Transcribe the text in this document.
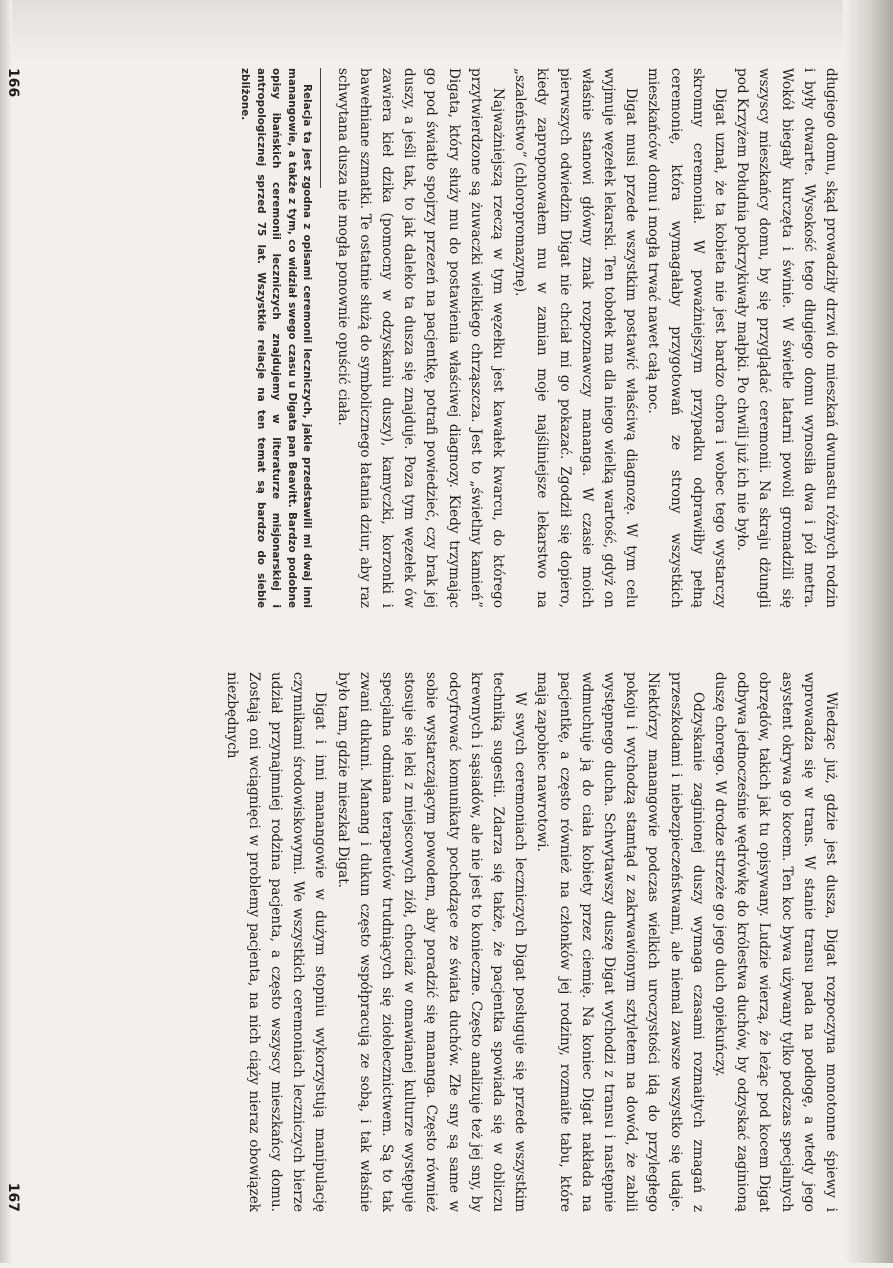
długiego domu, skąd prowadziły drzwi do mieszkań dwunastu różnych rodzin i były otwarte. Wysokość tego długiego domu wynosiła dwa i pół metra. Wokół biegały kurczęta i świnie. W świetle latarni powoli gromadzili się wszyscy mieszkańcy domu, by się przyglądać ceremonii. Na skraju dżungli pod Krzyżem Południa pokrzykiwały małpki. Po chwili już ich nie było.

Digat uznał, że ta kobieta nie jest bardzo chora i wobec tego wystarczy skromny ceremoniał. W poważniejszym przypadku odprawiłby pełną ceremonię, która wymagałaby przygotowań ze strony wszystkich mieszkańców domu i mogła trwać nawet całą noc.

Digat musi przede wszystkim postawić właściwą diagnozę. W tym celu wyjmuje węzełek lekarski. Ten tobołek ma dla niego wielką wartość, gdyż on właśnie stanowi główny znak rozpoznawczy manangа. W czasie moich pierwszych odwiedzin Digat nie chciał mi go pokazać. Zgodził się dopiero, kiedy zaproponowałem mu w zamian moje najśliniejsze lekarstwo na „szaleństwo” (chloropromazynę).

Najważniejszą rzeczą w tym węzełku jest kawałek kwarcu, do którego przytwierdzone są żuwaczki wielkiego chrząszcza. Jest to „świetlny kamień” Digata, który służy mu do postawienia właściwej diagnozy. Kiedy trzymając go pod światło spojrzy przezeń na pacjentkę, potrafi powiedzieć, czy brak jej duszy, a jeśli tak, to jak daleko ta dusza się znajduje. Poza tym węzełek ów zawiera kieł dzika (pomocny w odzyskaniu duszy), kamyczki, korzonki i bawełniane szmatki. Te ostatnie służą do symbolicznego łatania dziur, aby raz schwytana dusza nie mogła ponownie opuścić ciała.

Relacja ta jest zgodna z opisami ceremonii leczniczych, jakie przedstawili mi dwaj inni manangowie, a także z tym, co widział swego czasu u Digata pan Beavitt. Bardzo podobne opisy ibańskich ceremonii leczniczych znajdujemy w literaturze misjonarskiej i antropologicznej sprzed 75 lat. Wszystkie relacje na ten temat są bardzo do siebie zbliżone.

166

Wiedząc już, gdzie jest dusza, Digat rozpoczyna monotonne śpiewy i wprowadza się w trans. W stanie transu pada na podłogę, a wtedy jego asystent okrywa go kocem. Ten koc bywa używany tylko podczas specjalnych obrzędów, takich jak tu opisywany. Ludzie wierzą, że leżąc pod kocem Digat odbywa jednocześnie wędrówkę do królestwa duchów, by odzyskać zaginioną duszę chorego. W drodze strzeże go jego duch opiekuńczy.

Odzyskanie zaginionej duszy wymaga czasami rozmaitych zmagań z przeszkodami i niebezpieczeństwami, ale niemal zawsze wszystko się udaje. Niektórzy manangowie podczas wielkich uroczystości idą do przyległego pokoju i wychodzą stamtąd z zakrwawionym sztyletem na dowód, że zabili występnego ducha. Schwytawszy duszę Digat wychodzi z transu i następnie wdmuchuje ją do ciała kobiety przez ciemię. Na koniec Digat nakłada na pacjentkę, a często również na członków jej rodziny, rozmaite tabu, które mają zapobiec nawrotowi.

W swych ceremoniach leczniczych Digat posługuje się przede wszystkim techniką sugestii. Zdarza się także, że pacjentka spowiada się w obliczu krewnych i sąsiadów, ale nie jest to konieczne. Często analizuje też jej sny, by odcyfrować komunikaty pochodzące ze świata duchów. Złe sny są same w sobie wystarczającym powodem, aby poradzić się mananga. Często również stosuje się leki z miejscowych ziół, chociaż w omawianej kulturze występuje specjalna odmiana terapeutów trudniących się ziołolecznictwem. Są to tak zwani dukuni. Manang i dukun często współpracują ze sobą, i tak właśnie było tam, gdzie mieszkał Digat.

Digat i inni manangowie w dużym stopniu wykorzystują manipulację czynnikami środowiskowymi. We wszystkich ceremoniach leczniczych bierze udział przynajmniej rodzina pacjenta, a często wszyscy mieszkańcy domu. Zostają oni wciągnięci w problemy pacjenta, na nich ciąży nieraz obowiązek niezbędnych

167
